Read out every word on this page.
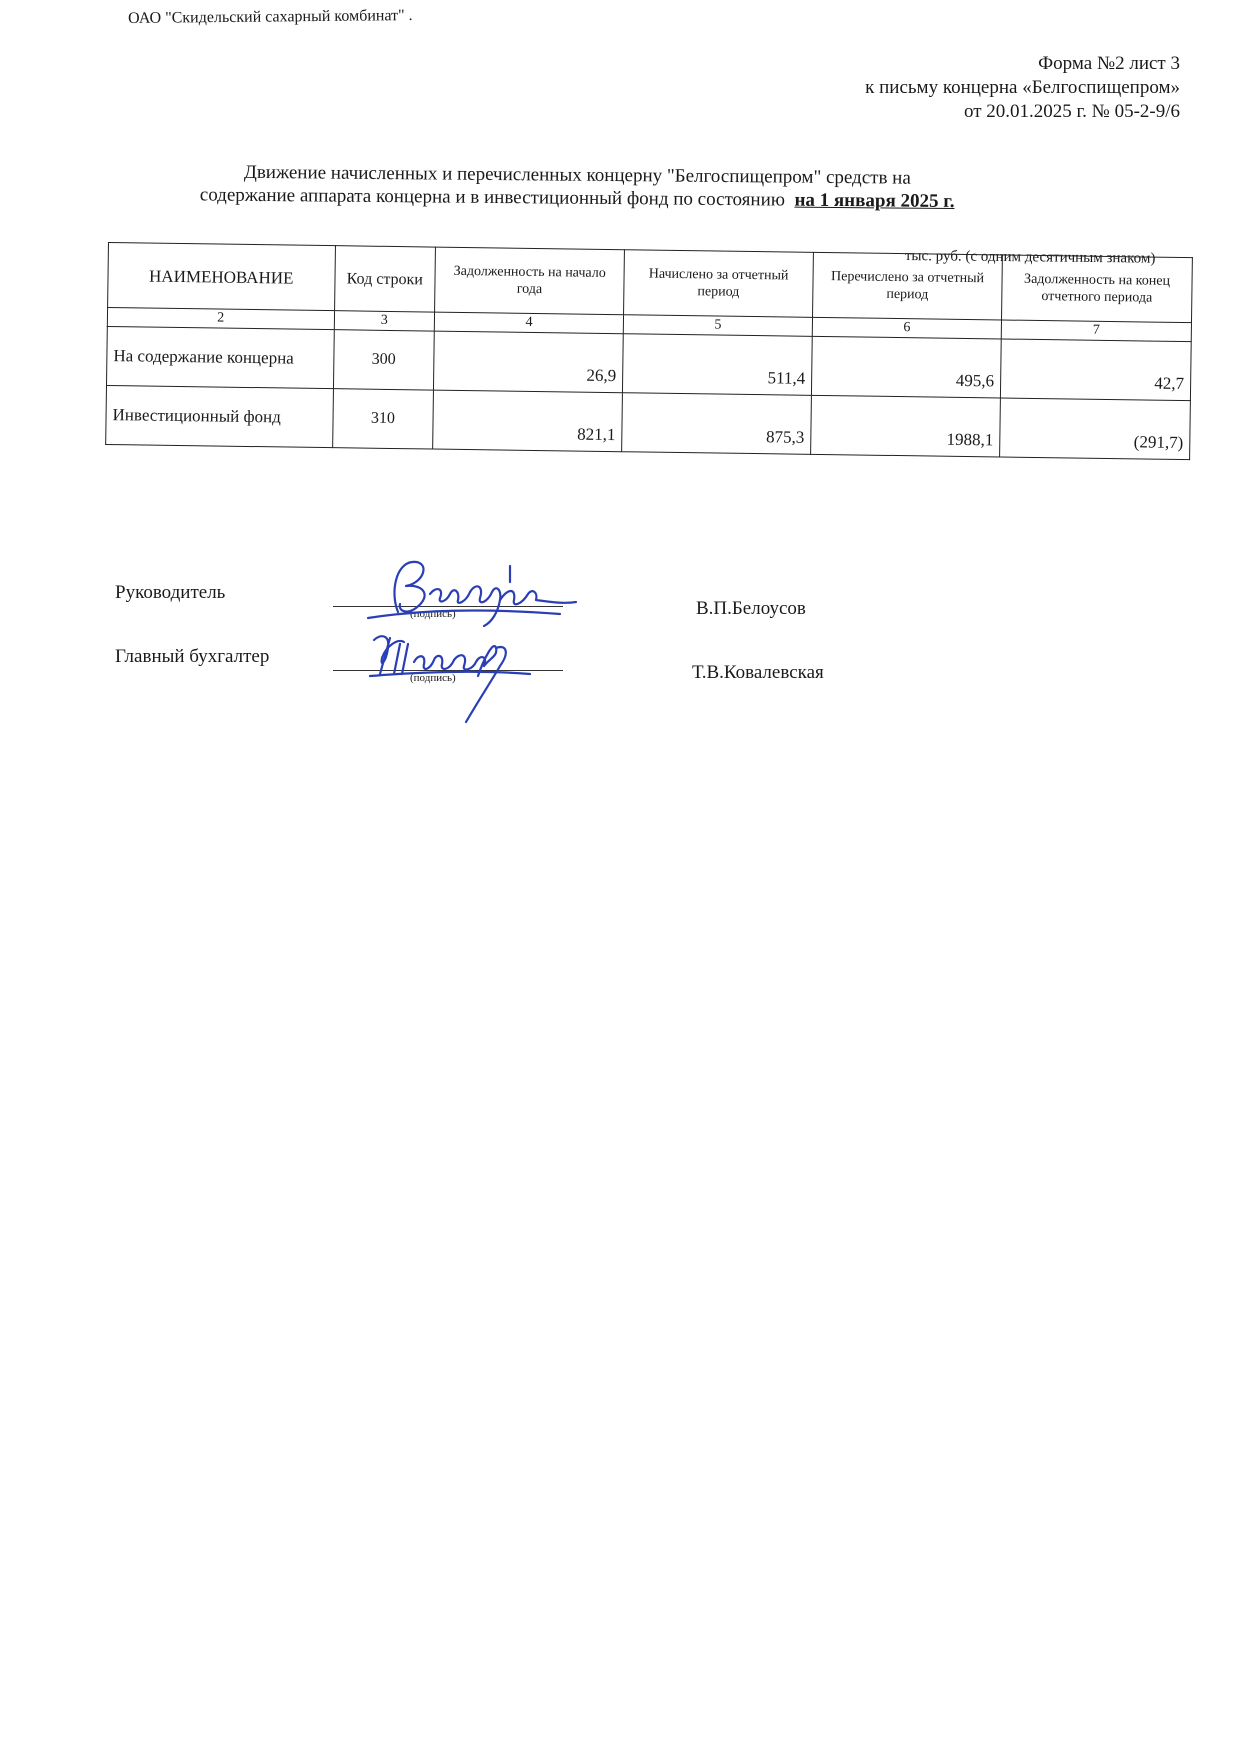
ОАО "Скидельский сахарный комбинат" .
Форма №2 лист 3
к письму концерна «Белгоспищепром»
от 20.01.2025 г. № 05-2-9/6
Движение начисленных и перечисленных концерну "Белгоспищепром" средств на
содержание аппарата концерна и в инвестиционный фонд по состоянию на 1 января 2025 г.
тыс. руб. (с одним десятичным знаком)
НАИМЕНОВАНИЕ	Код строки	Задолженность на начало года	Начислено за отчетный период	Перечислено за отчетный период	Задолженность на конец отчетного периода
2	3	4	5	6	7
На содержание концерна	300	26,9	511,4	495,6	42,7
Инвестиционный фонд	310	821,1	875,3	1988,1	(291,7)
Руководитель
(подпись)	В.П.Белоусов
Главный бухгалтер
(подпись)	Т.В.Ковалевская
